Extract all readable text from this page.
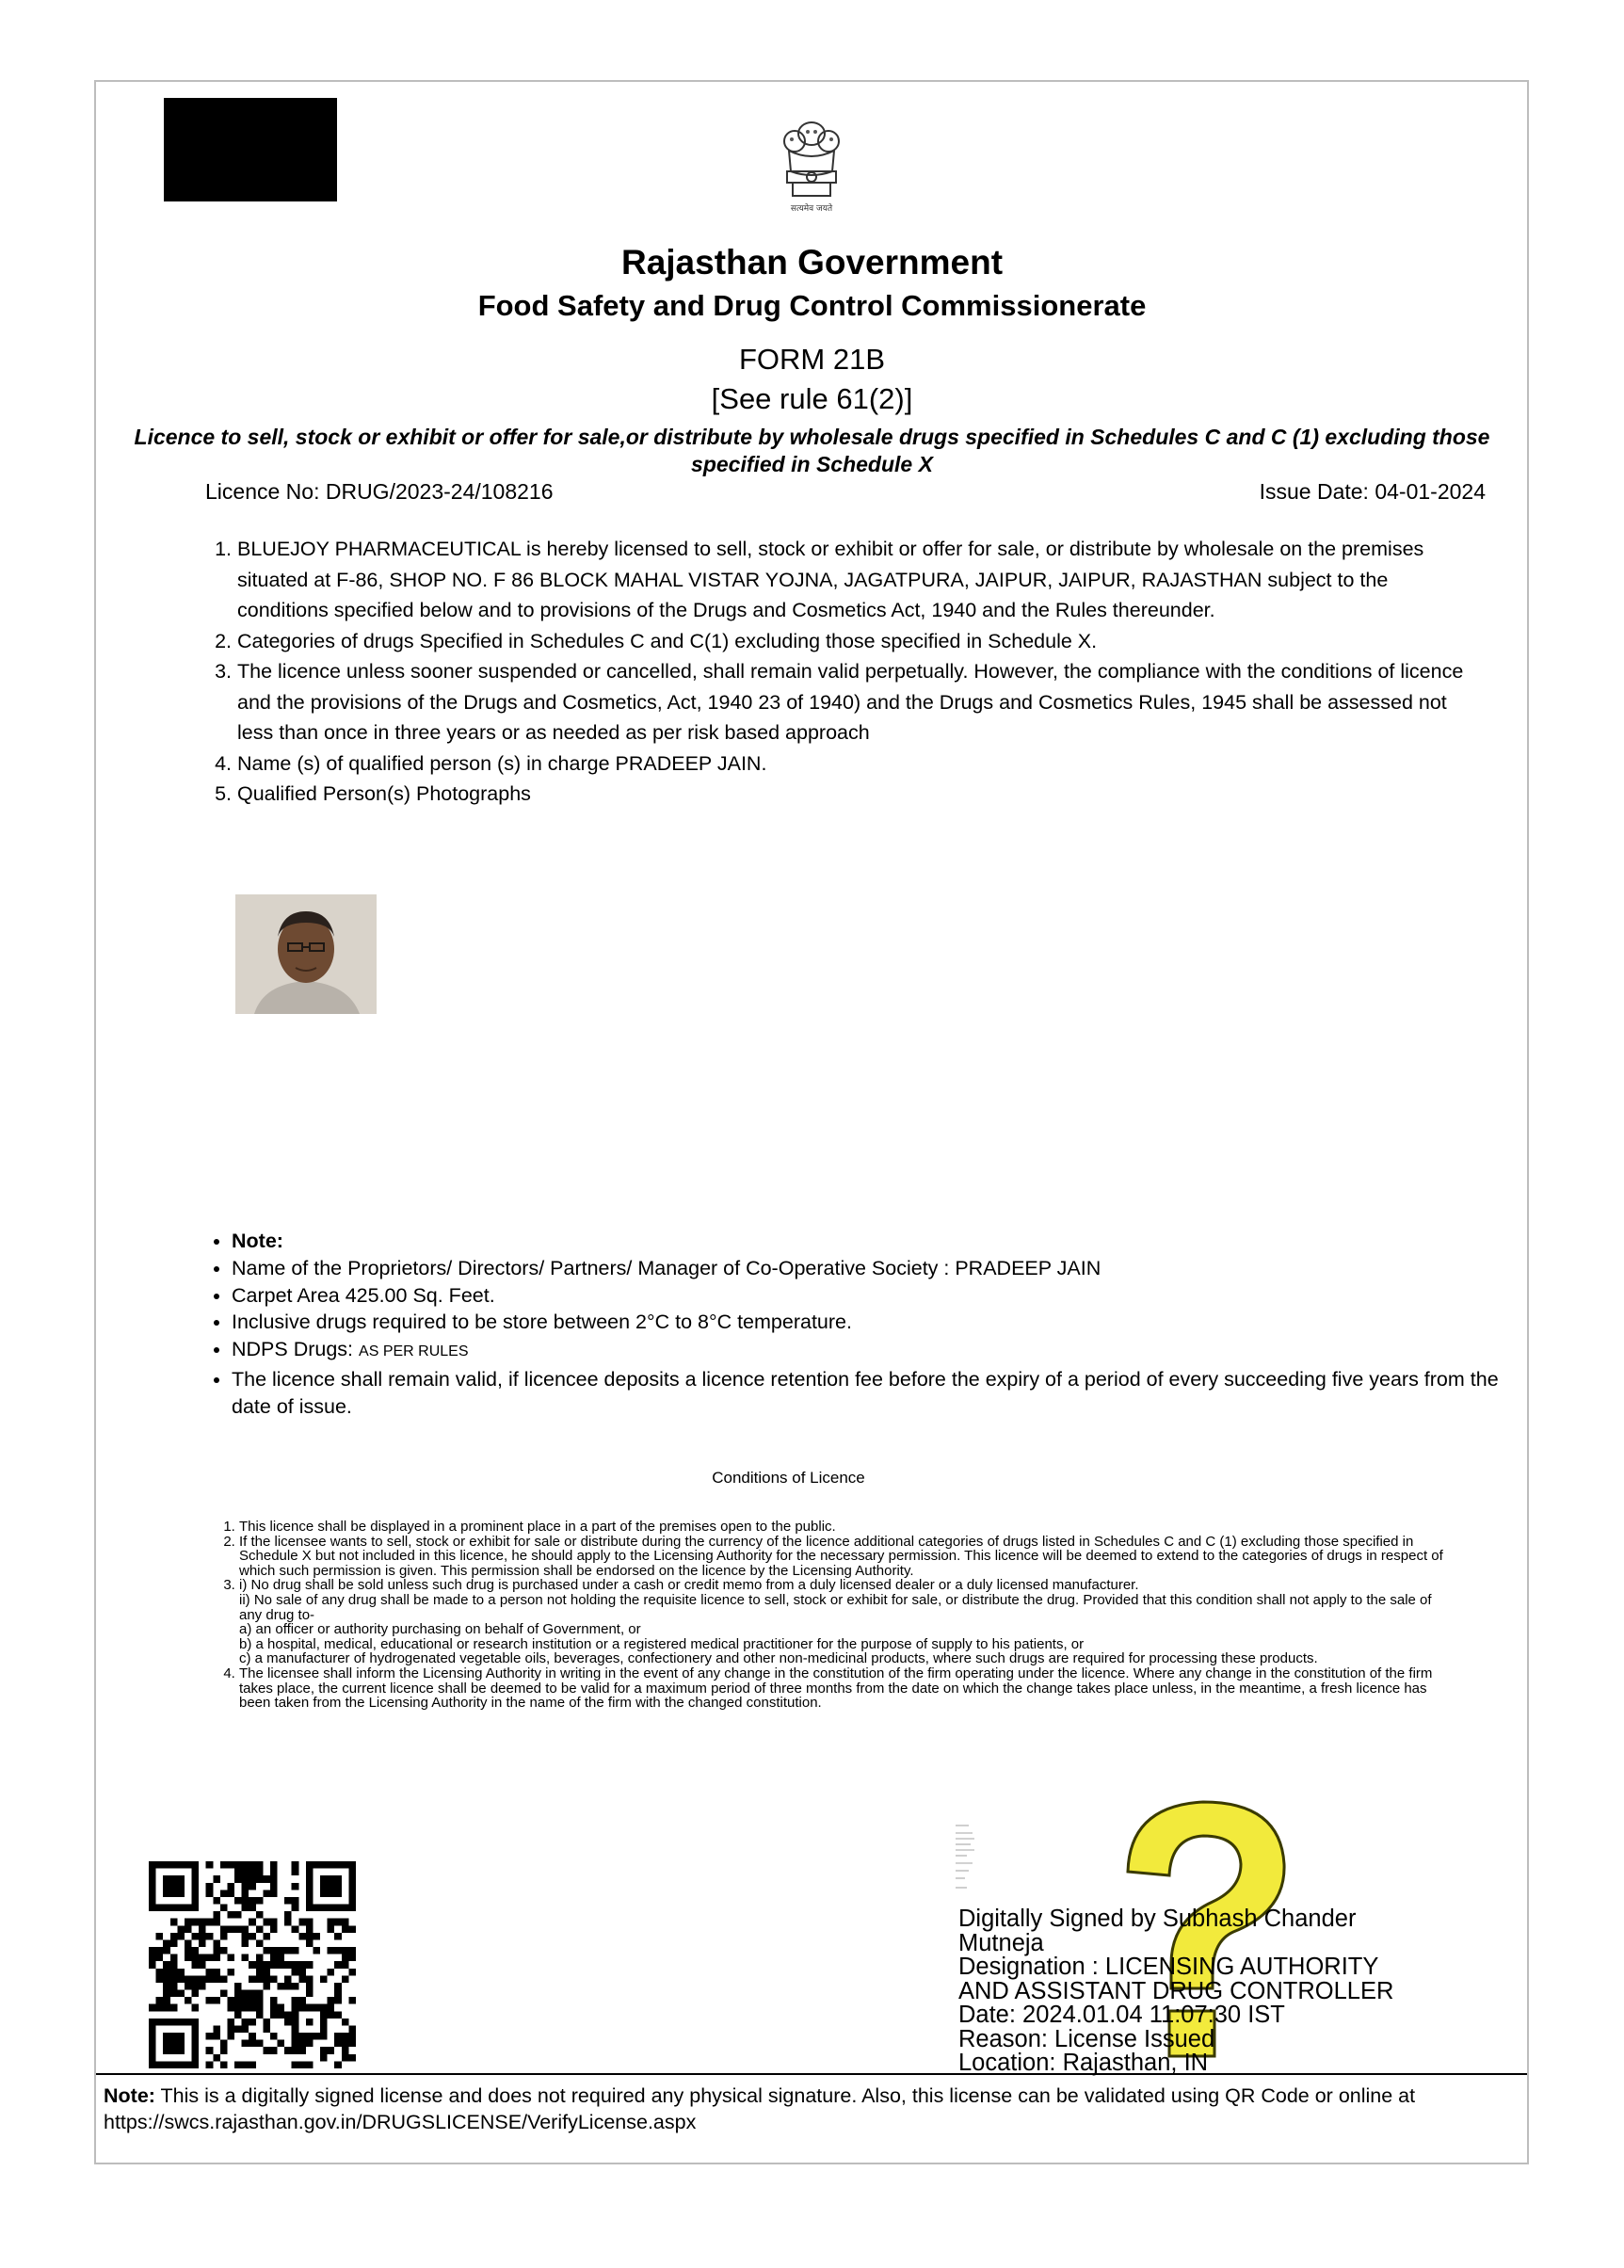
सत्यमेव जयते
Rajasthan Government
Food Safety and Drug Control Commissionerate
FORM 21B
[See rule 61(2)]
Licence to sell, stock or exhibit or offer for sale,or distribute by wholesale drugs specified in Schedules C and C (1) excluding those specified in Schedule X
Licence No: DRUG/2023-24/108216	Issue Date: 04-01-2024
1. BLUEJOY PHARMACEUTICAL is hereby licensed to sell, stock or exhibit or offer for sale, or distribute by wholesale on the premises situated at F-86, SHOP NO. F 86 BLOCK MAHAL VISTAR YOJNA, JAGATPURA, JAIPUR, JAIPUR, RAJASTHAN subject to the conditions specified below and to provisions of the Drugs and Cosmetics Act, 1940 and the Rules thereunder.
2. Categories of drugs Specified in Schedules C and C(1) excluding those specified in Schedule X.
3. The licence unless sooner suspended or cancelled, shall remain valid perpetually. However, the compliance with the conditions of licence and the provisions of the Drugs and Cosmetics, Act, 1940 23 of 1940) and the Drugs and Cosmetics Rules, 1945 shall be assessed not less than once in three years or as needed as per risk based approach
4. Name (s) of qualified person (s) in charge PRADEEP JAIN.
5. Qualified Person(s) Photographs
• Note:
• Name of the Proprietors/ Directors/ Partners/ Manager of Co-Operative Society : PRADEEP JAIN
• Carpet Area 425.00 Sq. Feet.
• Inclusive drugs required to be store between 2°C to 8°C temperature.
• NDPS Drugs: AS PER RULES
• The licence shall remain valid, if licencee deposits a licence retention fee before the expiry of a period of every succeeding five years from the date of issue.
Conditions of Licence
1. This licence shall be displayed in a prominent place in a part of the premises open to the public.
2. If the licensee wants to sell, stock or exhibit for sale or distribute during the currency of the licence additional categories of drugs listed in Schedules C and C (1) excluding those specified in Schedule X but not included in this licence, he should apply to the Licensing Authority for the necessary permission. This licence will be deemed to extend to the categories of drugs in respect of which such permission is given. This permission shall be endorsed on the licence by the Licensing Authority.
3. i) No drug shall be sold unless such drug is purchased under a cash or credit memo from a duly licensed dealer or a duly licensed manufacturer.
ii) No sale of any drug shall be made to a person not holding the requisite licence to sell, stock or exhibit for sale, or distribute the drug. Provided that this condition shall not apply to the sale of any drug to-
a) an officer or authority purchasing on behalf of Government, or
b) a hospital, medical, educational or research institution or a registered medical practitioner for the purpose of supply to his patients, or
c) a manufacturer of hydrogenated vegetable oils, beverages, confectionery and other non-medicinal products, where such drugs are required for processing these products.
4. The licensee shall inform the Licensing Authority in writing in the event of any change in the constitution of the firm operating under the licence. Where any change in the constitution of the firm takes place, the current licence shall be deemed to be valid for a maximum period of three months from the date on which the change takes place unless, in the meantime, a fresh licence has been taken from the Licensing Authority in the name of the firm with the changed constitution.
Digitally Signed by Subhash Chander
Mutneja
Designation : LICENSING AUTHORITY
AND ASSISTANT DRUG CONTROLLER
Date: 2024.01.04 11:07:30 IST
Reason: License Issued
Location: Rajasthan, IN
Note: This is a digitally signed license and does not required any physical signature. Also, this license can be validated using QR Code or online at https://swcs.rajasthan.gov.in/DRUGSLICENSE/VerifyLicense.aspx
